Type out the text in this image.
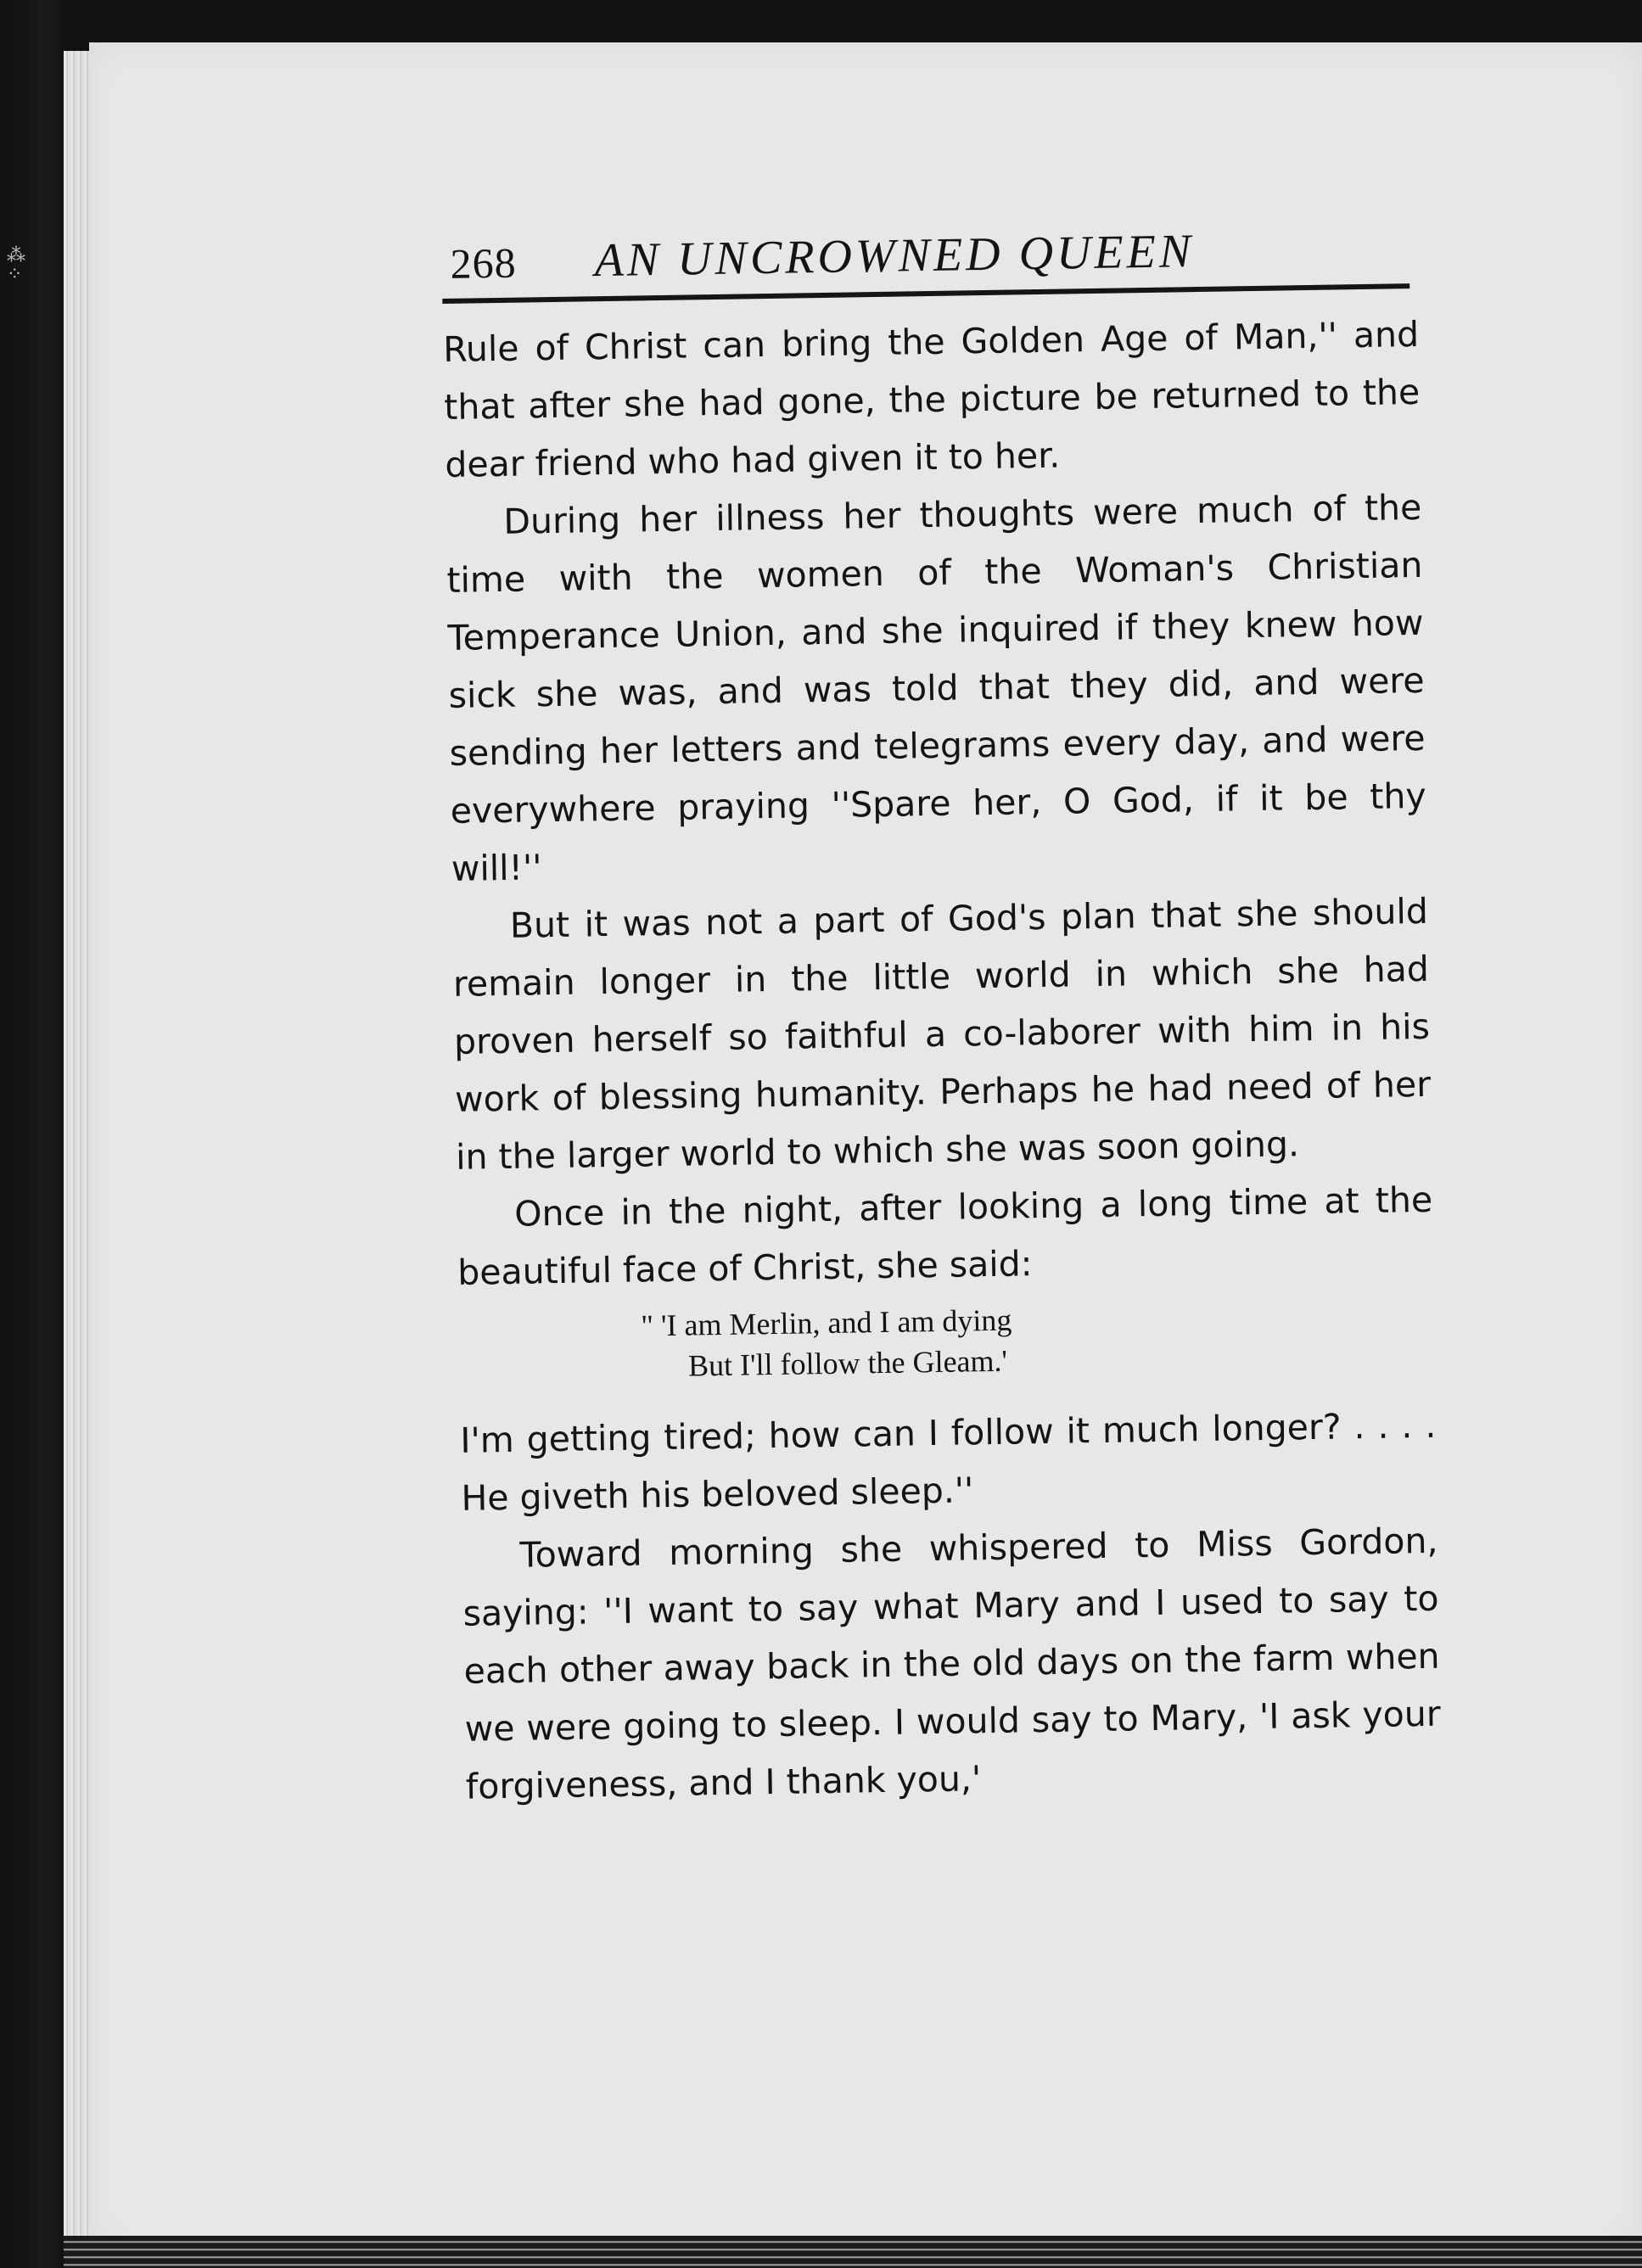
⁂
⁘	268 AN UNCROWNED QUEEN

Rule of Christ can bring the Golden Age of Man,'' and that after she had gone, the picture be returned to the dear friend who had given it to her.

During her illness her thoughts were much of the time with the women of the Woman's Christian Temperance Union, and she inquired if they knew how sick she was, and was told that they did, and were sending her letters and telegrams every day, and were everywhere praying ''Spare her, O God, if it be thy will!''

But it was not a part of God's plan that she should remain longer in the little world in which she had proven herself so faithful a co-laborer with him in his work of blessing humanity. Perhaps he had need of her in the larger world to which she was soon going.

Once in the night, after looking a long time at the beautiful face of Christ, she said:

" 'I am Merlin, and I am dying
But I'll follow the Gleam.'

I'm getting tired; how can I follow it much longer? . . . . He giveth his beloved sleep.''

Toward morning she whispered to Miss Gordon, saying: ''I want to say what Mary and I used to say to each other away back in the old days on the farm when we were going to sleep. I would say to Mary, 'I ask your forgiveness, and I thank you,'
